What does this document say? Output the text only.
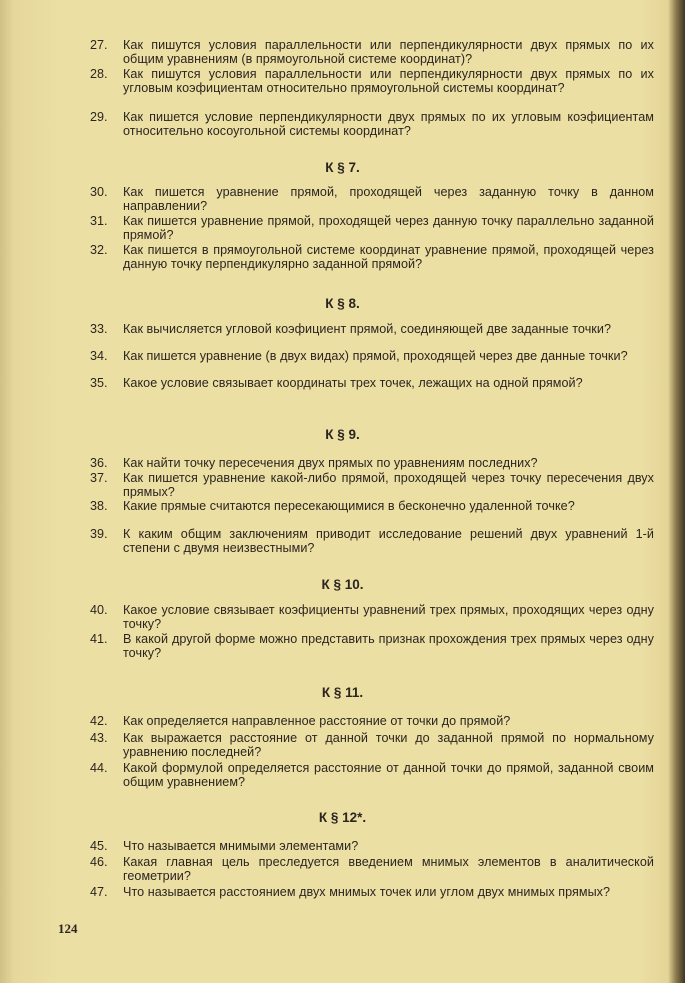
27.	Как пишутся условия параллельности или перпендикулярности двух прямых по их общим уравнениям (в прямоугольной системе координат)?
28.	Как пишутся условия параллельности или перпендикулярности двух прямых по их угловым коэфициентам относительно прямоугольной системы координат?
29.	Как пишется условие перпендикулярности двух прямых по их угловым коэфициентам относительно косоугольной системы координат?
К § 7.
30.	Как пишется уравнение прямой, проходящей через заданную точку в данном направлении?
31.	Как пишется уравнение прямой, проходящей через данную точку параллельно заданной прямой?
32.	Как пишется в прямоугольной системе координат уравнение прямой, проходящей через данную точку перпендикулярно заданной прямой?
К § 8.
33.	Как вычисляется угловой коэфициент прямой, соединяющей две заданные точки?
34.	Как пишется уравнение (в двух видах) прямой, проходящей через две данные точки?
35.	Какое условие связывает координаты трех точек, лежащих на одной прямой?
К § 9.
36.	Как найти точку пересечения двух прямых по уравнениям последних?
37.	Как пишется уравнение какой-либо прямой, проходящей через точку пересечения двух прямых?
38.	Какие прямые считаются пересекающимися в бесконечно удаленной точке?
39.	К каким общим заключениям приводит исследование решений двух уравнений 1-й степени с двумя неизвестными?
К § 10.
40.	Какое условие связывает коэфициенты уравнений трех прямых, проходящих через одну точку?
41.	В какой другой форме можно представить признак прохождения трех прямых через одну точку?
К § 11.
42.	Как определяется направленное расстояние от точки до прямой?
43.	Как выражается расстояние от данной точки до заданной прямой по нормальному уравнению последней?
44.	Какой формулой определяется расстояние от данной точки до прямой, заданной своим общим уравнением?
К § 12*.
45.	Что называется мнимыми элементами?
46.	Какая главная цель преследуется введением мнимых элементов в аналитической геометрии?
47.	Что называется расстоянием двух мнимых точек или углом двух мнимых прямых?
124
